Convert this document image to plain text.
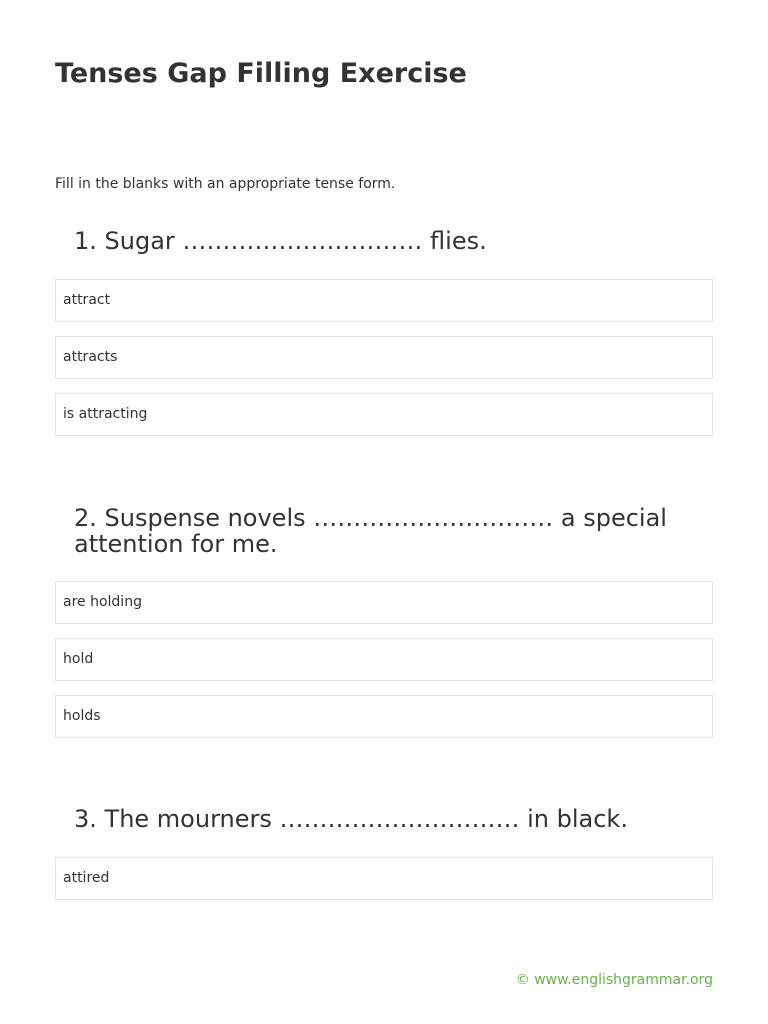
Tenses Gap Filling Exercise

Fill in the blanks with an appropriate tense form.

1. Sugar ………………………… flies.

attract
attracts
is attracting

2. Suspense novels ………………………… a special attention for me.

are holding
hold
holds

3. The mourners ………………………… in black.

attired
© www.englishgrammar.org
